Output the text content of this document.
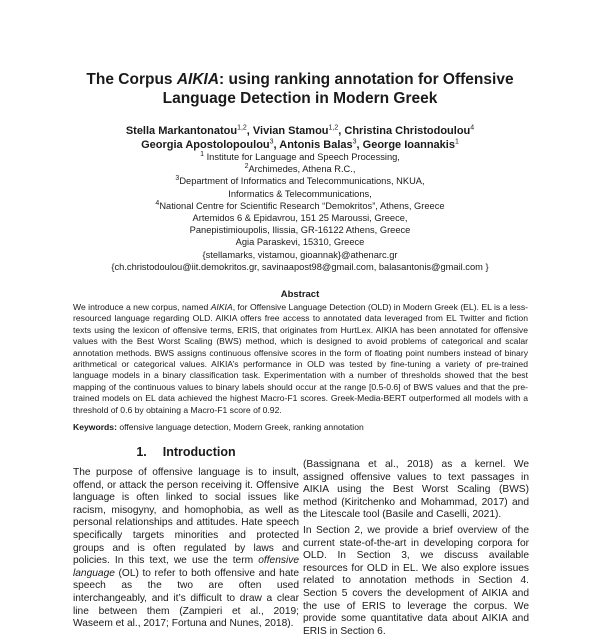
The Corpus AIKIA: using ranking annotation for Offensive
Language Detection in Modern Greek
Stella Markantonatou$^{1,2}$, Vivian Stamou$^{1,2}$, Christina Christodoulou$^4$
Georgia Apostolopoulou$^3$, Antonis Balas$^3$, George Ioannakis$^1$
$^1$ Institute for Language and Speech Processing,
$^2$Archimedes, Athena R.C.,
$^3$Department of Informatics and Telecommunications, NKUA,
Informatics & Telecommunications,
$^4$National Centre for Scientific Research “Demokritos”, Athens, Greece
Artemidos 6 & Epidavrou, 151 25 Maroussi, Greece,
Panepistimioupolis, Ilissia, GR-16122 Athens, Greece
Agia Paraskevi, 15310, Greece
{stellamarks, vistamou, gioannak}@athenarc.gr
{ch.christodoulou@iit.demokritos.gr, savinaapost98@gmail.com, balasantonis@gmail.com }
Abstract
We introduce a new corpus, named AIKIA, for Offensive Language Detection (OLD) in Modern Greek (EL). EL is a less-resourced language regarding OLD. AIKIA offers free access to annotated data leveraged from EL Twitter and fiction texts using the lexicon of offensive terms, ERIS, that originates from HurtLex. AIKIA has been annotated for offensive values with the Best Worst Scaling (BWS) method, which is designed to avoid problems of categorical and scalar annotation methods. BWS assigns continuous offensive scores in the form of floating point numbers instead of binary arithmetical or categorical values. AIKIA’s performance in OLD was tested by fine-tuning a variety of pre-trained language models in a binary classification task. Experimentation with a number of thresholds showed that the best mapping of the continuous values to binary labels should occur at the range [0.5-0.6] of BWS values and that the pre-trained models on EL data achieved the highest Macro-F1 scores. Greek-Media-BERT outperformed all models with a threshold of 0.6 by obtaining a Macro-F1 score of 0.92.
Keywords: offensive language detection, Modern Greek, ranking annotation
1. Introduction

The purpose of offensive language is to insult, offend, or attack the person receiving it. Offensive language is often linked to social issues like racism, misogyny, and homophobia, as well as personal relationships and attitudes. Hate speech specifically targets minorities and protected groups and is often regulated by laws and policies. In this text, we use the term offensive language (OL) to refer to both offensive and hate speech as the two are often used interchangeably, and it’s difficult to draw a clear line between them (Zampieri et al., 2019; Waseem et al., 2017; Fortuna and Nunes, 2018).

(Bassignana et al., 2018) as a kernel. We assigned offensive values to text passages in AIKIA using the Best Worst Scaling (BWS) method (Kiritchenko and Mohammad, 2017) and the Litescale tool (Basile and Caselli, 2021).

In Section 2, we provide a brief overview of the current state-of-the-art in developing corpora for OLD. In Section 3, we discuss available resources for OLD in EL. We also explore issues related to annotation methods in Section 4. Section 5 covers the development of AIKIA and the use of ERIS to leverage the corpus. We provide some quantitative data about AIKIA and ERIS in Section 6.
